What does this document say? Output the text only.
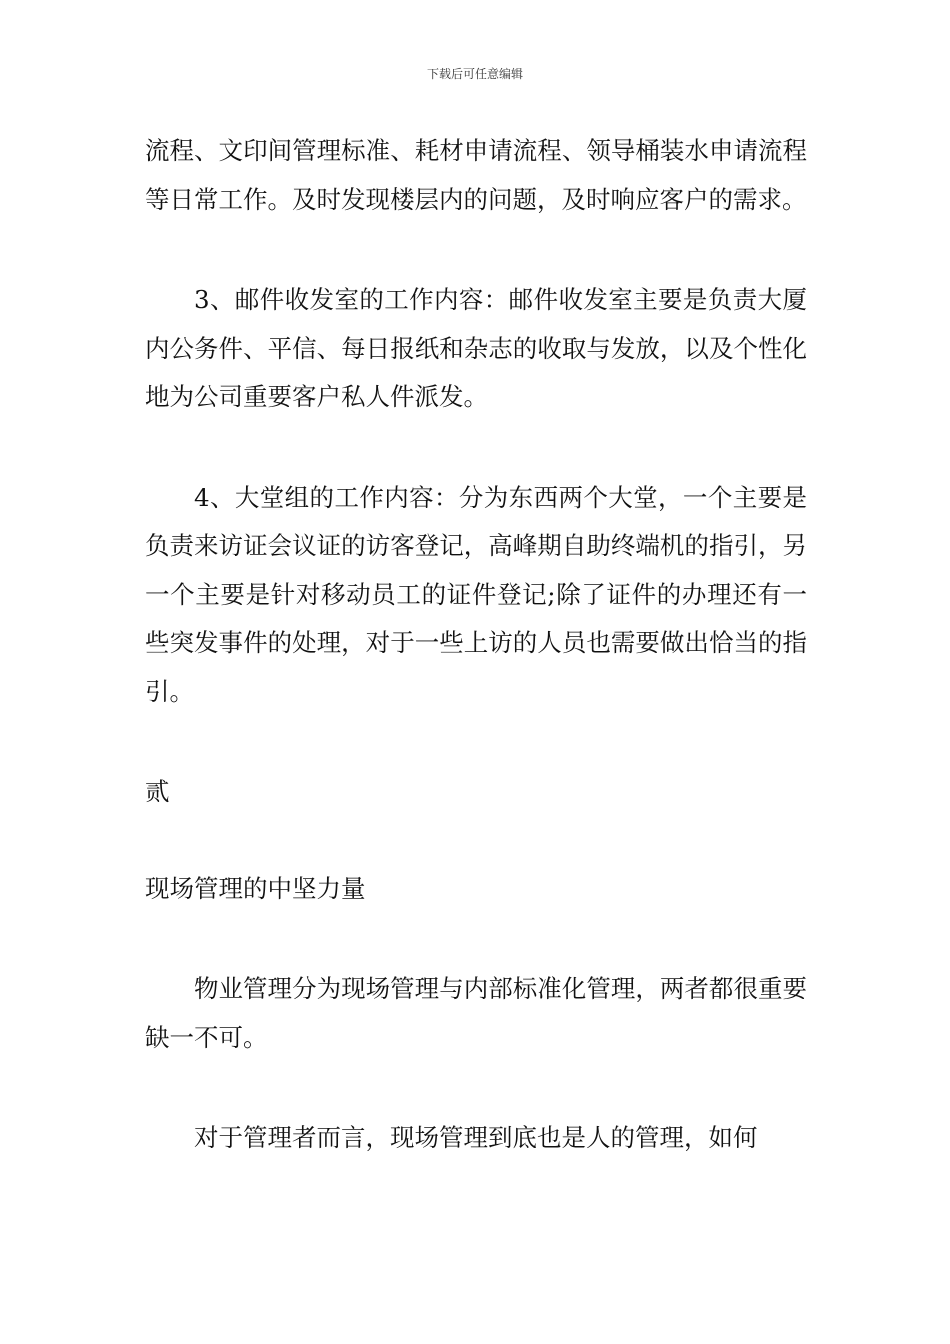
下载后可任意编辑

流程、文印间管理标准、耗材申请流程、领导桶装水申请流程等日常工作。及时发现楼层内的问题，及时响应客户的需求。

3、邮件收发室的工作内容：邮件收发室主要是负责大厦内公务件、平信、每日报纸和杂志的收取与发放，以及个性化地为公司重要客户私人件派发。

4、大堂组的工作内容：分为东西两个大堂，一个主要是负责来访证会议证的访客登记，高峰期自助终端机的指引，另一个主要是针对移动员工的证件登记;除了证件的办理还有一些突发事件的处理，对于一些上访的人员也需要做出恰当的指引。

贰

现场管理的中坚力量

物业管理分为现场管理与内部标准化管理，两者都很重要缺一不可。

对于管理者而言，现场管理到底也是人的管理，如何
